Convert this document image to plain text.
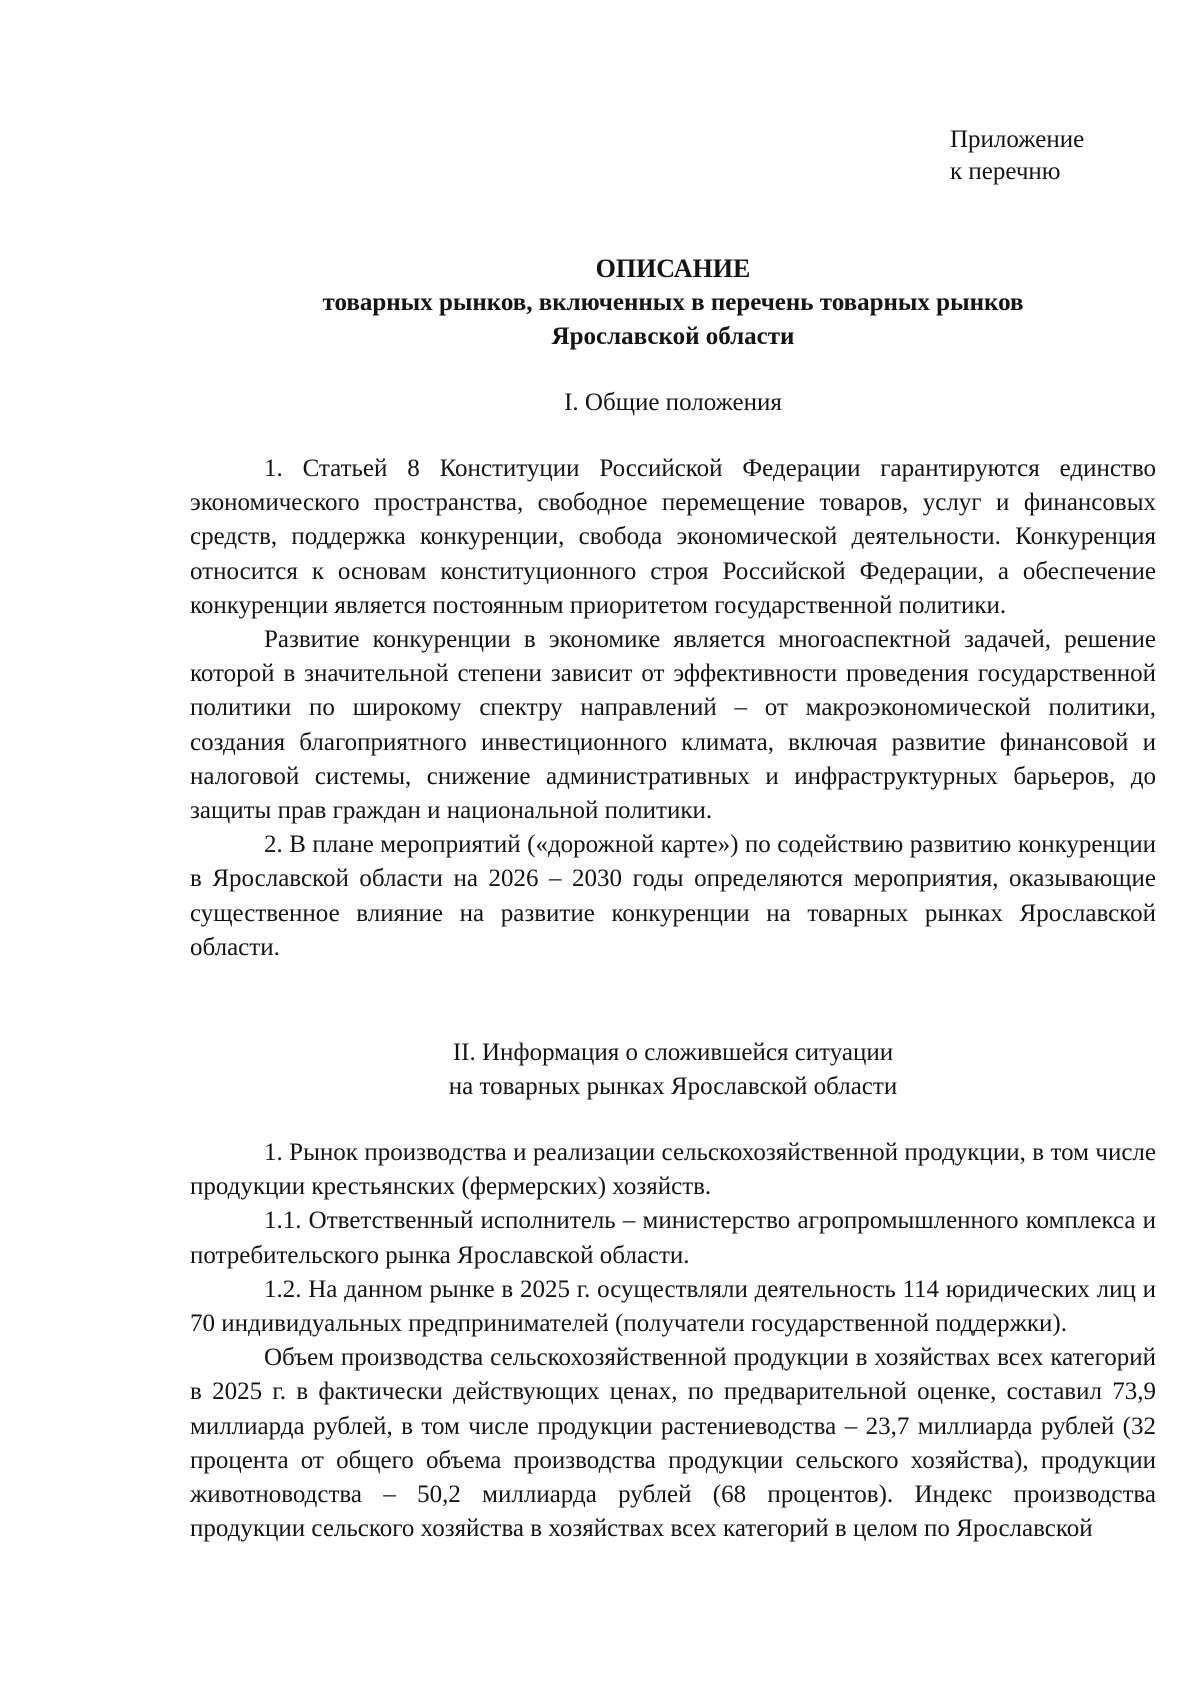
Приложение
к перечню
ОПИСАНИЕ
товарных рынков, включенных в перечень товарных рынков
Ярославской области
I. Общие положения

1. Статьей 8 Конституции Российской Федерации гарантируются единство экономического пространства, свободное перемещение товаров, услуг и финансовых средств, поддержка конкуренции, свобода экономической деятельности. Конкуренция относится к основам конституционного строя Российской Федерации, а обеспечение конкуренции является постоянным приоритетом государственной политики.

Развитие конкуренции в экономике является многоаспектной задачей, решение которой в значительной степени зависит от эффективности проведения государственной политики по широкому спектру направлений – от макроэкономической политики, создания благоприятного инвестиционного климата, включая развитие финансовой и налоговой системы, снижение административных и инфраструктурных барьеров, до защиты прав граждан и национальной политики.

2. В плане мероприятий («дорожной карте») по содействию развитию конкуренции в Ярославской области на 2026 – 2030 годы определяются мероприятия, оказывающие существенное влияние на развитие конкуренции на товарных рынках Ярославской области.

II. Информация о сложившейся ситуации
на товарных рынках Ярославской области

1. Рынок производства и реализации сельскохозяйственной продукции, в том числе продукции крестьянских (фермерских) хозяйств.

1.1. Ответственный исполнитель – министерство агропромышленного комплекса и потребительского рынка Ярославской области.

1.2. На данном рынке в 2025 г. осуществляли деятельность 114 юридических лиц и 70 индивидуальных предпринимателей (получатели государственной поддержки).

Объем производства сельскохозяйственной продукции в хозяйствах всех категорий в 2025 г. в фактически действующих ценах, по предварительной оценке, составил 73,9 миллиарда рублей, в том числе продукции растениеводства – 23,7 миллиарда рублей (32 процента от общего объема производства продукции сельского хозяйства), продукции животноводства – 50,2 миллиарда рублей (68 процентов). Индекс производства продукции сельского хозяйства в хозяйствах всех категорий в целом по Ярославской
